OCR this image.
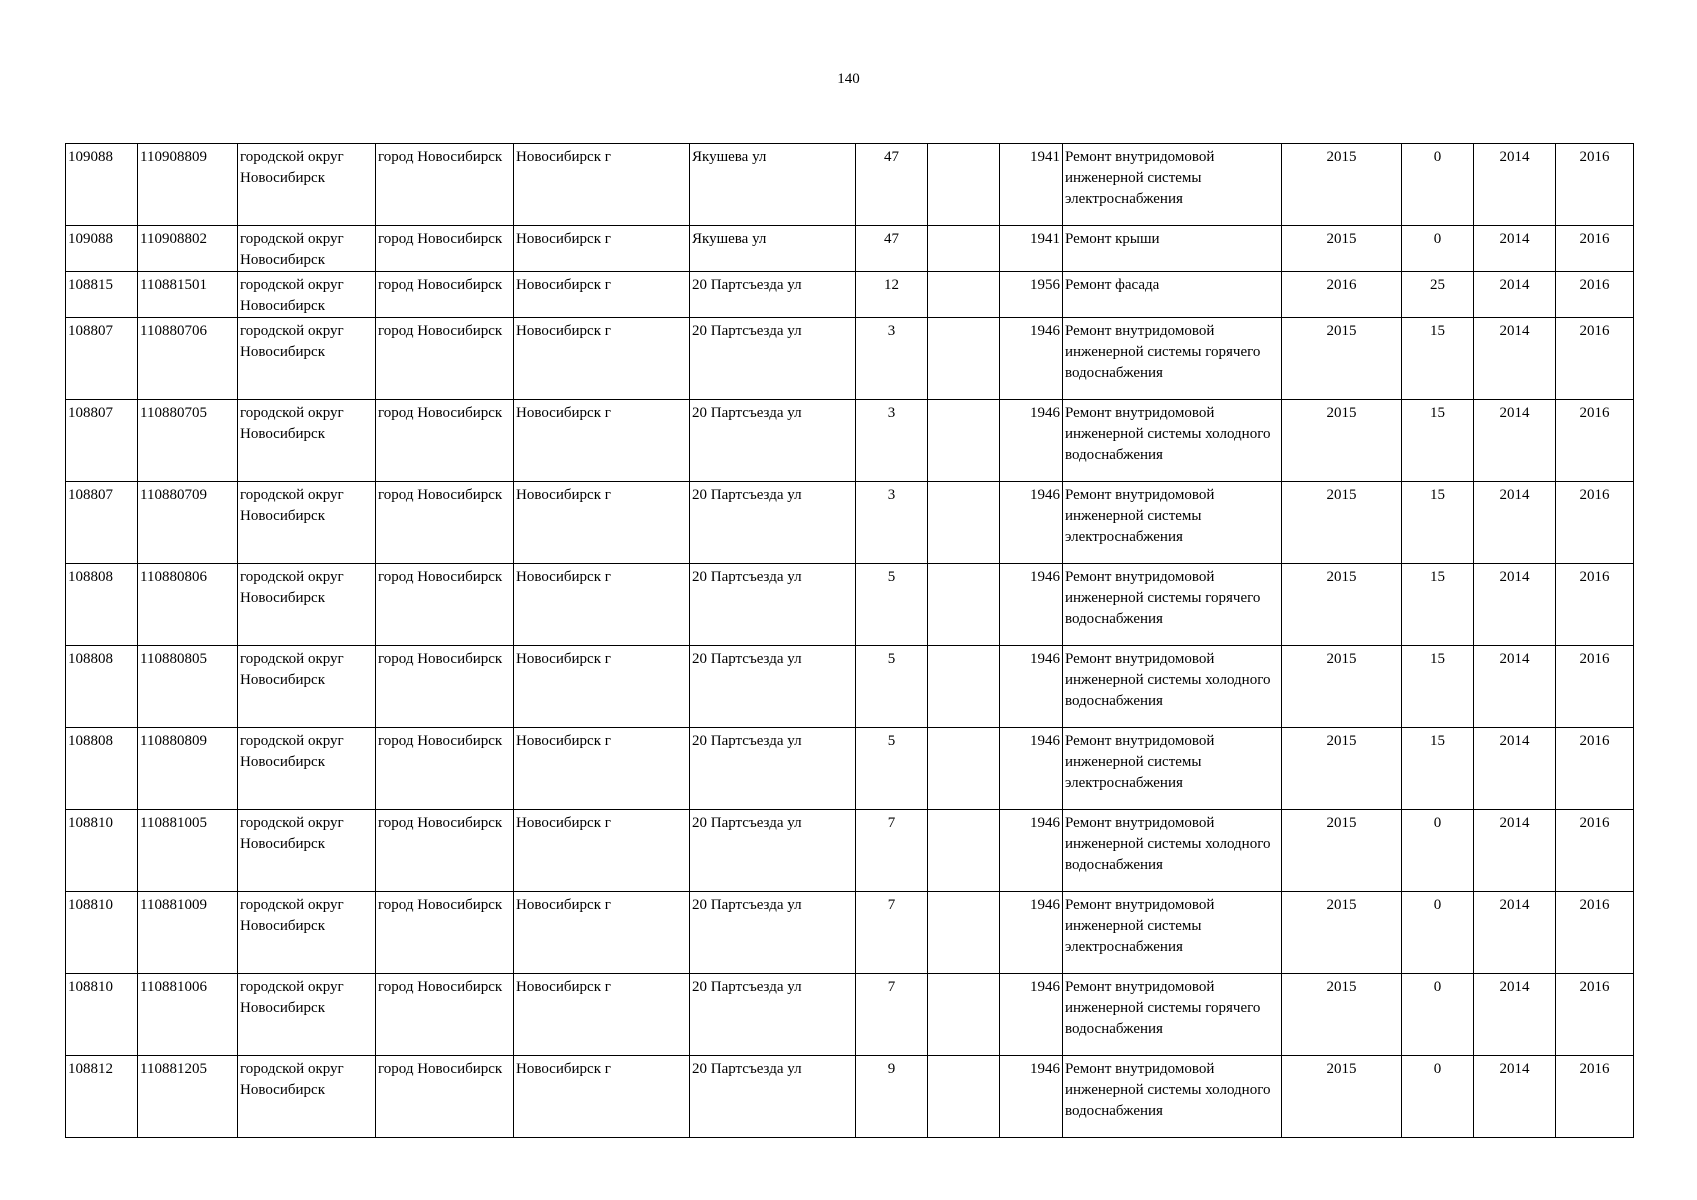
140
109088	110908809	городской округ Новосибирск	город Новосибирск	Новосибирск г	Якушева ул	47		1941	Ремонт внутридомовой инженерной системы электроснабжения	2015	0	2014	2016
109088	110908802	городской округ Новосибирск	город Новосибирск	Новосибирск г	Якушева ул	47		1941	Ремонт крыши	2015	0	2014	2016
108815	110881501	городской округ Новосибирск	город Новосибирск	Новосибирск г	20 Партсъезда ул	12		1956	Ремонт фасада	2016	25	2014	2016
108807	110880706	городской округ Новосибирск	город Новосибирск	Новосибирск г	20 Партсъезда ул	3		1946	Ремонт внутридомовой инженерной системы горячего водоснабжения	2015	15	2014	2016
108807	110880705	городской округ Новосибирск	город Новосибирск	Новосибирск г	20 Партсъезда ул	3		1946	Ремонт внутридомовой инженерной системы холодного водоснабжения	2015	15	2014	2016
108807	110880709	городской округ Новосибирск	город Новосибирск	Новосибирск г	20 Партсъезда ул	3		1946	Ремонт внутридомовой инженерной системы электроснабжения	2015	15	2014	2016
108808	110880806	городской округ Новосибирск	город Новосибирск	Новосибирск г	20 Партсъезда ул	5		1946	Ремонт внутридомовой инженерной системы горячего водоснабжения	2015	15	2014	2016
108808	110880805	городской округ Новосибирск	город Новосибирск	Новосибирск г	20 Партсъезда ул	5		1946	Ремонт внутридомовой инженерной системы холодного водоснабжения	2015	15	2014	2016
108808	110880809	городской округ Новосибирск	город Новосибирск	Новосибирск г	20 Партсъезда ул	5		1946	Ремонт внутридомовой инженерной системы электроснабжения	2015	15	2014	2016
108810	110881005	городской округ Новосибирск	город Новосибирск	Новосибирск г	20 Партсъезда ул	7		1946	Ремонт внутридомовой инженерной системы холодного водоснабжения	2015	0	2014	2016
108810	110881009	городской округ Новосибирск	город Новосибирск	Новосибирск г	20 Партсъезда ул	7		1946	Ремонт внутридомовой инженерной системы электроснабжения	2015	0	2014	2016
108810	110881006	городской округ Новосибирск	город Новосибирск	Новосибирск г	20 Партсъезда ул	7		1946	Ремонт внутридомовой инженерной системы горячего водоснабжения	2015	0	2014	2016
108812	110881205	городской округ Новосибирск	город Новосибирск	Новосибирск г	20 Партсъезда ул	9		1946	Ремонт внутридомовой инженерной системы холодного водоснабжения	2015	0	2014	2016
